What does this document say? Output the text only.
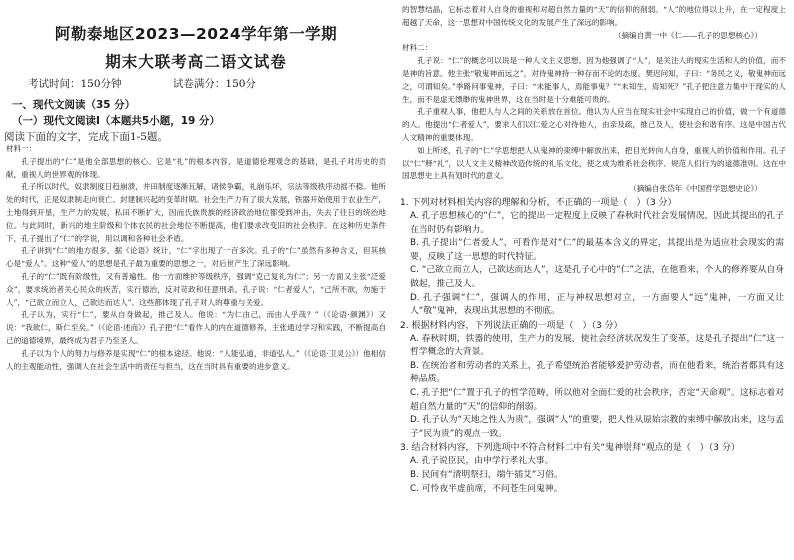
阿勒泰地区2023—2024学年第一学期
期末大联考高二语文试卷
考试时间：150分钟	试卷满分：150分
一、现代文阅读（35 分）
（一）现代文阅读Ⅰ（本题共5小题，19 分）
阅读下面的文字，完成下面1-5题。
材料一：

孔子提出的“仁”是他全部思想的核心。它是“礼”的根本内容，是道德伦理观念的基础，是孔子对历史的贡献，重视人的世界观的体现。

孔子所以时代，奴隶制度日趋崩溃，井田制度逐渐瓦解，诸侯争霸，礼崩乐坏，宗法等级秩序动摇不稳。他所处的时代，正是奴隶制走向衰亡、封建制兴起的变革时期。社会生产力有了很大发展，铁器开始使用于农业生产，土地得到开垦，生产力的发展，私田不断扩大，因而氏族贵族的经济政治地位都受到冲击，失去了往日的统治地位。与此同时，新兴的地主阶级和个体农民的社会地位不断提高，他们要求改变旧的社会秩序。在这种历史条件下，孔子提出了“仁”的学说，用以调和各种社会矛盾。

孔子讲到“仁”的地方很多，据《论语》统计，“仁”字出现了一百多次。孔子的“仁”虽然有多种含义，但其核心是“爱人”。这种“爱人”的思想是孔子最为重要的思想之一，对后世产生了深远影响。

孔子的“仁”既有阶级性，又有普遍性。他一方面维护等级秩序，强调“克己复礼为仁”；另一方面又主张“泛爱众”，要求统治者关心民众的疾苦，实行德治，反对苛政和任意刑杀。孔子说：“仁者爱人”，“己所不欲，勿施于人”，“己欲立而立人，己欲达而达人”。这些都体现了孔子对人的尊重与关爱。

孔子认为，实行“仁”，要从自身做起，推己及人。他说：“为仁由己，而由人乎哉？”（《论语·颜渊》）又说：“我欲仁，斯仁至矣。”（《论语·述而》）孔子把“仁”看作人的内在道德修养，主张通过学习和实践，不断提高自己的道德境界，最终成为君子乃至圣人。

孔子以为个人的努力与修养是实现“仁”的根本途径。他说：“人能弘道，非道弘人。”（《论语·卫灵公》）他相信人的主观能动性，强调人在社会生活中的责任与担当，这在当时具有重要的进步意义。

的智慧结晶，它标志着对人自身的重视和对超自然力量的“天”的信仰的削弱。“人”的地位得以上升，在一定程度上超越了天命，这一思想对中国传统文化的发展产生了深远的影响。

（摘编自黄一中《仁——孔子的思想核心》）
材料二：

孔子说：“仁”的概念可以说是一种人文主义思想。因为他强调了“人”，是关注人的现实生活和人的价值，而不是神的旨意。他主张“敬鬼神而远之”，对待鬼神持一种存而不论的态度。樊迟问知，子曰：“务民之义，敬鬼神而远之，可谓知矣。”季路问事鬼神，子曰：“未能事人，焉能事鬼？”“未知生，焉知死？”孔子把注意力集中于现实的人生，而不是虚无缥缈的鬼神世界，这在当时是十分难能可贵的。

孔子重视人事，他把人与人之间的关系放在首位。他认为人应当在现实社会中实现自己的价值，做一个有道德的人。他提出“仁者爱人”，要求人们以仁爱之心对待他人，由亲及疏，推己及人，使社会和谐有序。这是中国古代人文精神的重要体现。

如上所述，孔子的“仁”学思想把人从鬼神的束缚中解放出来，把目光转向人自身，重视人的价值和作用。孔子以“仁”释“礼”，以人文主义精神改造传统的礼乐文化，使之成为维系社会秩序、规范人们行为的道德准则。这在中国思想史上具有划时代的意义。

（摘编自张岱年《中国哲学思想史论》）
1. 下列对材料相关内容的理解和分析，不正确的一项是（　）（3 分）
A. 孔子思想核心的“仁”，它的提出一定程度上反映了春秋时代社会发展情况，因此其提出的孔子在当时仍有影响力。
B. 孔子提出“仁者爱人”，可看作是对“仁”的最基本含义的界定，其提出是为适应社会现实的需要，反映了这一思想的时代特征。
C. “己欲立而立人，己欲达而达人”，这是孔子心中的“仁”之法，在他看来，个人的修养要从自身做起，推己及人。
D. 孔子强调“仁”，强调人的作用，正与神权思想对立，一方面要人“远”鬼神，一方面又让人“敬”鬼神，表现出其思想的不彻底。
2. 根据材料内容，下列说法正确的一项是（　）（3 分）
A. 春秋时期，铁器的使用，生产力的发展，使社会经济状况发生了变革，这是孔子提出“仁”这一哲学概念的大背景。
B. 在统治者和劳动者的关系上，孔子希望统治者能够爱护劳动者，而在他看来，统治者都具有这种品质。
C. 孔子把“仁”置于孔子的哲学范畴，所以他对全面仁爱的社会秩序，否定“天命观”。这标志着对超自然力量的“天”的信仰的削弱。
D. 孔子认为“天地之性人为贵”，强调“人”的重要，把人性从原始宗教的束缚中解放出来，这与孟子“民为贵”的观点一致。
3. 结合材料内容，下列选项中不符合材料二中有关“鬼神崇拜”观点的是（　）（3 分）
A. 孔子说臣民，由申学行孝礼大事。
B. 民间有“清明祭扫，端午插艾”习俗。
C. 可怜夜半虚前席，不问苍生问鬼神。
